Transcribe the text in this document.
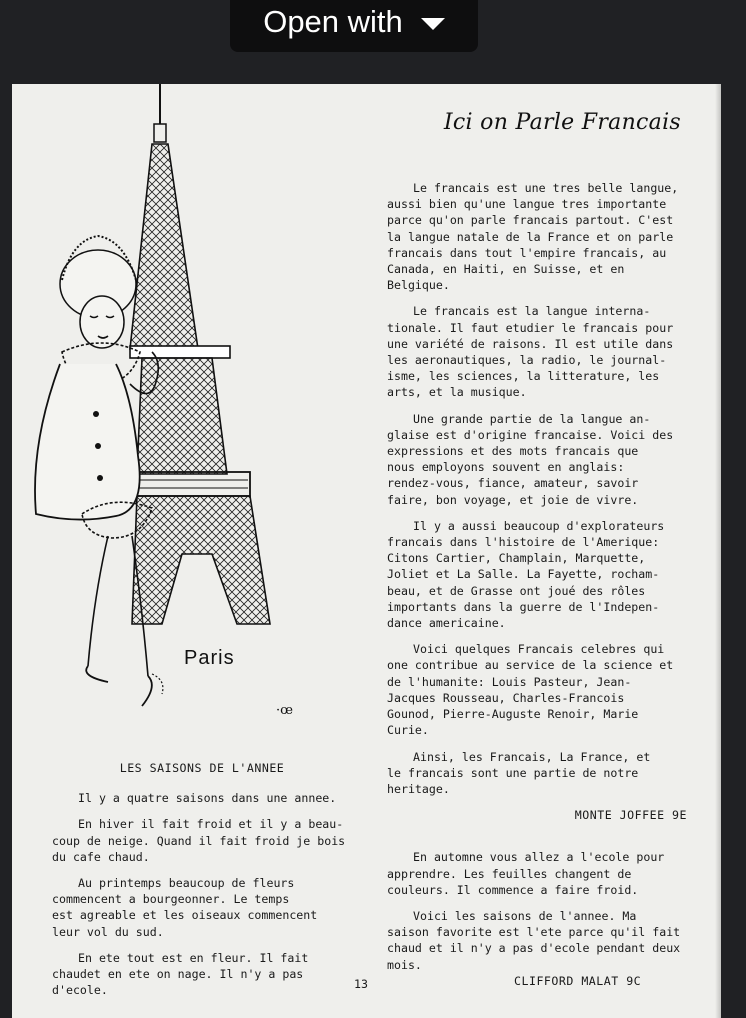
Open with
Paris
·œ
Ici on Parle Francais

Le francais est une tres belle langue,
aussi bien qu'une langue tres importante
parce qu'on parle francais partout. C'est
la langue natale de la France et on parle
francais dans tout l'empire francais, au
Canada, en Haiti, en Suisse, et en
Belgique.

Le francais est la langue interna-
tionale. Il faut etudier le francais pour
une variété de raisons. Il est utile dans
les aeronautiques, la radio, le journal-
isme, les sciences, la litterature, les
arts, et la musique.

Une grande partie de la langue an-
glaise est d'origine francaise. Voici des
expressions et des mots francais que
nous employons souvent en anglais:
rendez-vous, fiance, amateur, savoir
faire, bon voyage, et joie de vivre.

Il y a aussi beaucoup d'explorateurs
francais dans l'histoire de l'Amerique:
Citons Cartier, Champlain, Marquette,
Joliet et La Salle. La Fayette, rocham-
beau, et de Grasse ont joué des rôles
importants dans la guerre de l'Indepen-
dance americaine.

Voici quelques Francais celebres qui
one contribue au service de la science et
de l'humanite: Louis Pasteur, Jean-
Jacques Rousseau, Charles-Francois
Gounod, Pierre-Auguste Renoir, Marie
Curie.

Ainsi, les Francais, La France, et
le francais sont une partie de notre
heritage.

MONTE JOFFEE 9E

En automne vous allez a l'ecole pour
apprendre. Les feuilles changent de
couleurs. Il commence a faire froid.

Voici les saisons de l'annee. Ma
saison favorite est l'ete parce qu'il fait
chaud et il n'y a pas d'ecole pendant deux
mois.

LES SAISONS DE L'ANNEE

Il y a quatre saisons dans une annee.

En hiver il fait froid et il y a beau-
coup de neige. Quand il fait froid je bois
du cafe chaud.

Au printemps beaucoup de fleurs
commencent a bourgeonner. Le temps
est agreable et les oiseaux commencent
leur vol du sud.

En ete tout est en fleur. Il fait
chaudet en ete on nage. Il n'y a pas
d'ecole.	13	CLIFFORD MALAT 9C
